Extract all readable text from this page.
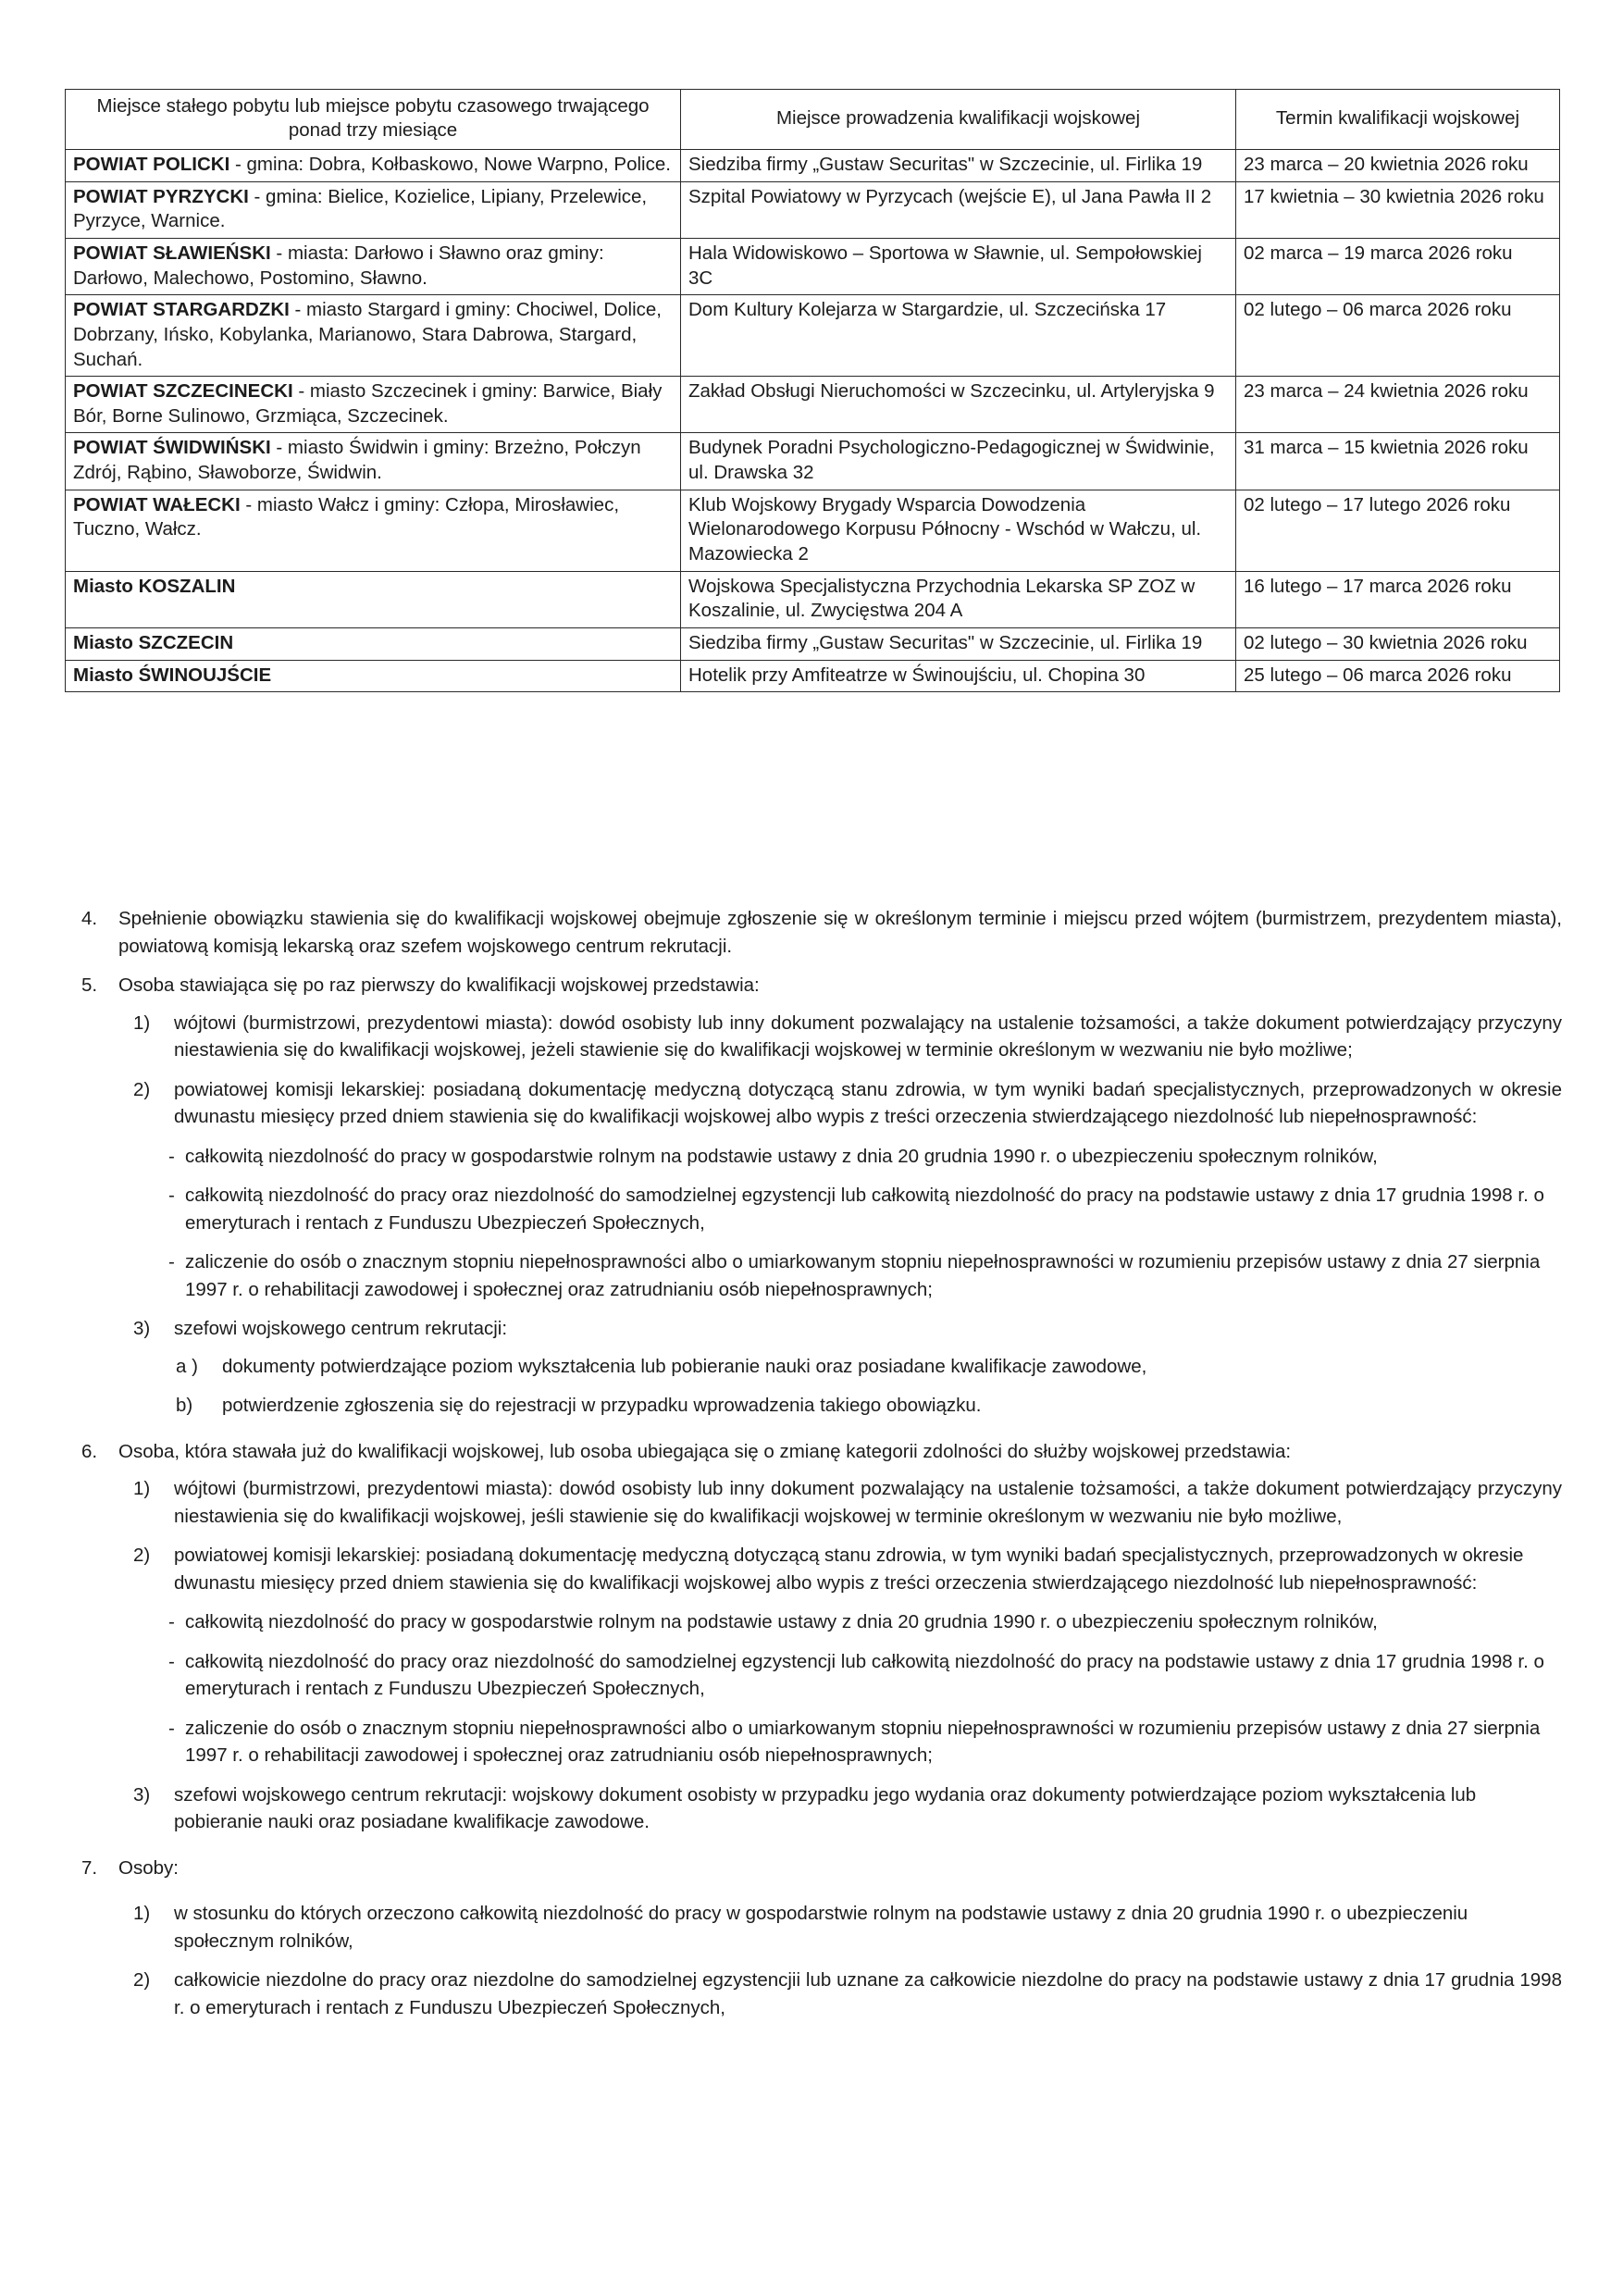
Miejsce stałego pobytu lub miejsce pobytu czasowego trwającego ponad trzy miesiące	Miejsce prowadzenia kwalifikacji wojskowej	Termin kwalifikacji wojskowej
POWIAT POLICKI - gmina: Dobra, Kołbaskowo, Nowe Warpno, Police.	Siedziba firmy „Gustaw Securitas" w Szczecinie, ul. Firlika 19	23 marca – 20 kwietnia 2026 roku
POWIAT PYRZYCKI - gmina: Bielice, Kozielice, Lipiany, Przelewice, Pyrzyce, Warnice.	Szpital Powiatowy w Pyrzycach (wejście E), ul Jana Pawła II 2	17 kwietnia – 30 kwietnia 2026 roku
POWIAT SŁAWIEŃSKI - miasta: Darłowo i Sławno oraz gminy: Darłowo, Malechowo, Postomino, Sławno.	Hala Widowiskowo – Sportowa w Sławnie, ul. Sempołowskiej 3C	02 marca – 19 marca 2026 roku
POWIAT STARGARDZKI - miasto Stargard i gminy: Chociwel, Dolice, Dobrzany, Ińsko, Kobylanka, Marianowo, Stara Dabrowa, Stargard, Suchań.	Dom Kultury Kolejarza w Stargardzie, ul. Szczecińska 17	02 lutego – 06 marca 2026 roku
POWIAT SZCZECINECKI - miasto Szczecinek i gminy: Barwice, Biały Bór, Borne Sulinowo, Grzmiąca, Szczecinek.	Zakład Obsługi Nieruchomości w Szczecinku, ul. Artyleryjska 9	23 marca – 24 kwietnia 2026 roku
POWIAT ŚWIDWIŃSKI - miasto Świdwin i gminy: Brzeżno, Połczyn Zdrój, Rąbino, Sławoborze, Świdwin.	Budynek Poradni Psychologiczno-Pedagogicznej w Świdwinie, ul. Drawska 32	31 marca – 15 kwietnia 2026 roku
POWIAT WAŁECKI - miasto Wałcz i gminy: Człopa, Mirosławiec, Tuczno, Wałcz.	Klub Wojskowy Brygady Wsparcia Dowodzenia Wielonarodowego Korpusu Północny - Wschód w Wałczu, ul. Mazowiecka 2	02 lutego – 17 lutego 2026 roku
Miasto KOSZALIN	Wojskowa Specjalistyczna Przychodnia Lekarska SP ZOZ w Koszalinie, ul. Zwycięstwa 204 A	16 lutego – 17 marca 2026 roku
Miasto SZCZECIN	Siedziba firmy „Gustaw Securitas" w Szczecinie, ul. Firlika 19	02 lutego – 30 kwietnia 2026 roku
Miasto ŚWINOUJŚCIE	Hotelik przy Amfiteatrze w Świnoujściu, ul. Chopina 30	25 lutego – 06 marca 2026 roku
4.	Spełnienie obowiązku stawienia się do kwalifikacji wojskowej obejmuje zgłoszenie się w określonym terminie i miejscu przed wójtem (burmistrzem, prezydentem miasta), powiatową komisją lekarską oraz szefem wojskowego centrum rekrutacji.
5.	Osoba stawiająca się po raz pierwszy do kwalifikacji wojskowej przedstawia:
1)	wójtowi (burmistrzowi, prezydentowi miasta): dowód osobisty lub inny dokument pozwalający na ustalenie tożsamości, a także dokument potwierdzający przyczyny niestawienia się do kwalifikacji wojskowej, jeżeli stawienie się do kwalifikacji wojskowej w terminie określonym w wezwaniu nie było możliwe;
2)	powiatowej komisji lekarskiej: posiadaną dokumentację medyczną dotyczącą stanu zdrowia, w tym wyniki badań specjalistycznych, przeprowadzonych w okresie dwunastu miesięcy przed dniem stawienia się do kwalifikacji wojskowej albo wypis z treści orzeczenia stwierdzającego niezdolność lub niepełnosprawność:
- całkowitą niezdolność do pracy w gospodarstwie rolnym na podstawie ustawy z dnia 20 grudnia 1990 r. o ubezpieczeniu społecznym rolników,
- całkowitą niezdolność do pracy oraz niezdolność do samodzielnej egzystencji lub całkowitą niezdolność do pracy na podstawie ustawy z dnia 17 grudnia 1998 r. o emeryturach i rentach z Funduszu Ubezpieczeń Społecznych,
- zaliczenie do osób o znacznym stopniu niepełnosprawności albo o umiarkowanym stopniu niepełnosprawności w rozumieniu przepisów ustawy z dnia 27 sierpnia 1997 r. o rehabilitacji zawodowej i społecznej oraz zatrudnianiu osób niepełnosprawnych;
3)	szefowi wojskowego centrum rekrutacji:
a )	dokumenty potwierdzające poziom wykształcenia lub pobieranie nauki oraz posiadane kwalifikacje zawodowe,
b)	potwierdzenie zgłoszenia się do rejestracji w przypadku wprowadzenia takiego obowiązku.
6.	Osoba, która stawała już do kwalifikacji wojskowej, lub osoba ubiegająca się o zmianę kategorii zdolności do służby wojskowej przedstawia:
1)	wójtowi (burmistrzowi, prezydentowi miasta): dowód osobisty lub inny dokument pozwalający na ustalenie tożsamości, a także dokument potwierdzający przyczyny niestawienia się do kwalifikacji wojskowej, jeśli stawienie się do kwalifikacji wojskowej w terminie określonym w wezwaniu nie było możliwe,
2)	powiatowej komisji lekarskiej: posiadaną dokumentację medyczną dotyczącą stanu zdrowia, w tym wyniki badań specjalistycznych, przeprowadzonych w okresie dwunastu miesięcy przed dniem stawienia się do kwalifikacji wojskowej albo wypis z treści orzeczenia stwierdzającego niezdolność lub niepełnosprawność:
- całkowitą niezdolność do pracy w gospodarstwie rolnym na podstawie ustawy z dnia 20 grudnia 1990 r. o ubezpieczeniu społecznym rolników,
- całkowitą niezdolność do pracy oraz niezdolność do samodzielnej egzystencji lub całkowitą niezdolność do pracy na podstawie ustawy z dnia 17 grudnia 1998 r. o emeryturach i rentach z Funduszu Ubezpieczeń Społecznych,
- zaliczenie do osób o znacznym stopniu niepełnosprawności albo o umiarkowanym stopniu niepełnosprawności w rozumieniu przepisów ustawy z dnia 27 sierpnia 1997 r. o rehabilitacji zawodowej i społecznej oraz zatrudnianiu osób niepełnosprawnych;
3)	szefowi wojskowego centrum rekrutacji: wojskowy dokument osobisty w przypadku jego wydania oraz dokumenty potwierdzające poziom wykształcenia lub pobieranie nauki oraz posiadane kwalifikacje zawodowe.
7.	Osoby:
1)	w stosunku do których orzeczono całkowitą niezdolność do pracy w gospodarstwie rolnym na podstawie ustawy z dnia 20 grudnia 1990 r. o ubezpieczeniu społecznym rolników,
2)	całkowicie niezdolne do pracy oraz niezdolne do samodzielnej egzystencjii lub uznane za całkowicie niezdolne do pracy na podstawie ustawy z dnia 17 grudnia 1998 r. o emeryturach i rentach z Funduszu Ubezpieczeń Społecznych,
